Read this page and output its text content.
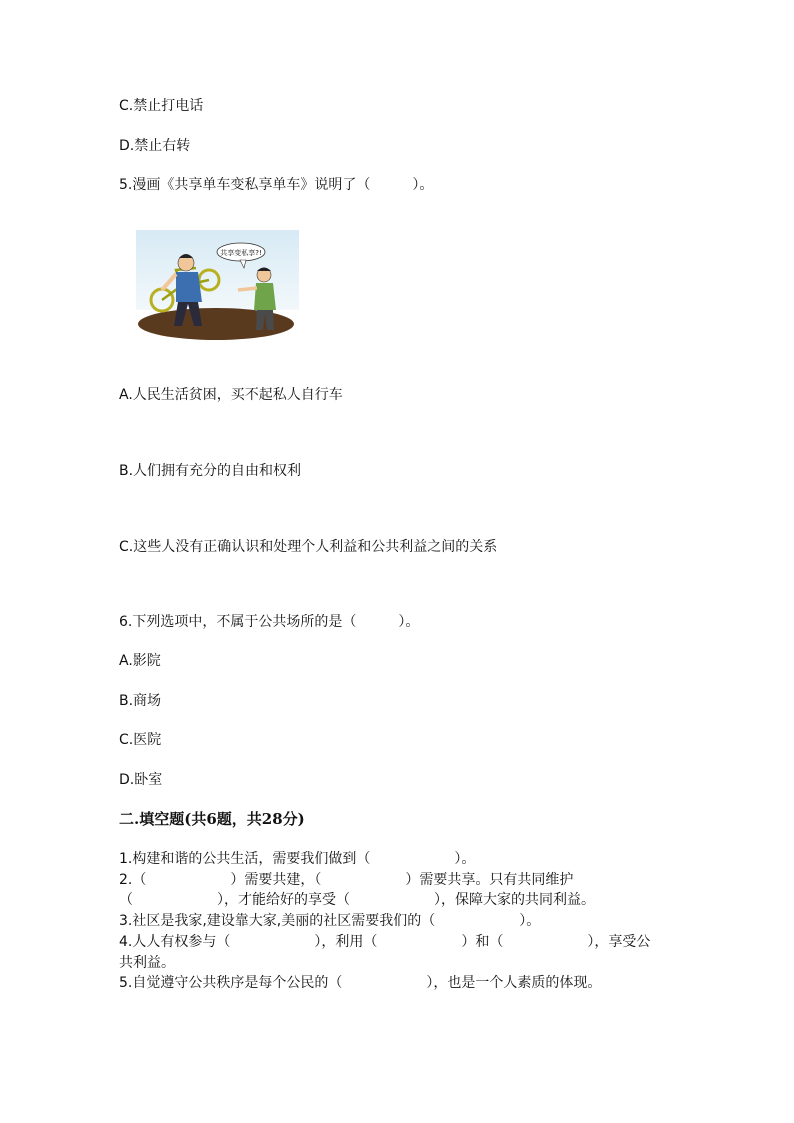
C.禁止打电话
D.禁止右转
5.漫画《共享单车变私享单车》说明了（　　　）。
共享变私享?!
A.人民生活贫困，买不起私人自行车
B.人们拥有充分的自由和权利
C.这些人没有正确认识和处理个人利益和公共利益之间的关系
6.下列选项中，不属于公共场所的是（　　　）。
A.影院
B.商场
C.医院
D.卧室
二.填空题(共6题，共28分)
1.构建和谐的公共生活，需要我们做到（　　　　　　）。
2.（　　　　　　）需要共建，（　　　　　　）需要共享。只有共同维护
（　　　　　　），才能给好的享受（　　　　　　），保障大家的共同利益。
3.社区是我家,建设靠大家,美丽的社区需要我们的（　　　　　　）。
4.人人有权参与（　　　　　　），利用（　　　　　　）和（　　　　　　），享受公
共利益。
5.自觉遵守公共秩序是每个公民的（　　　　　　），也是一个人素质的体现。
